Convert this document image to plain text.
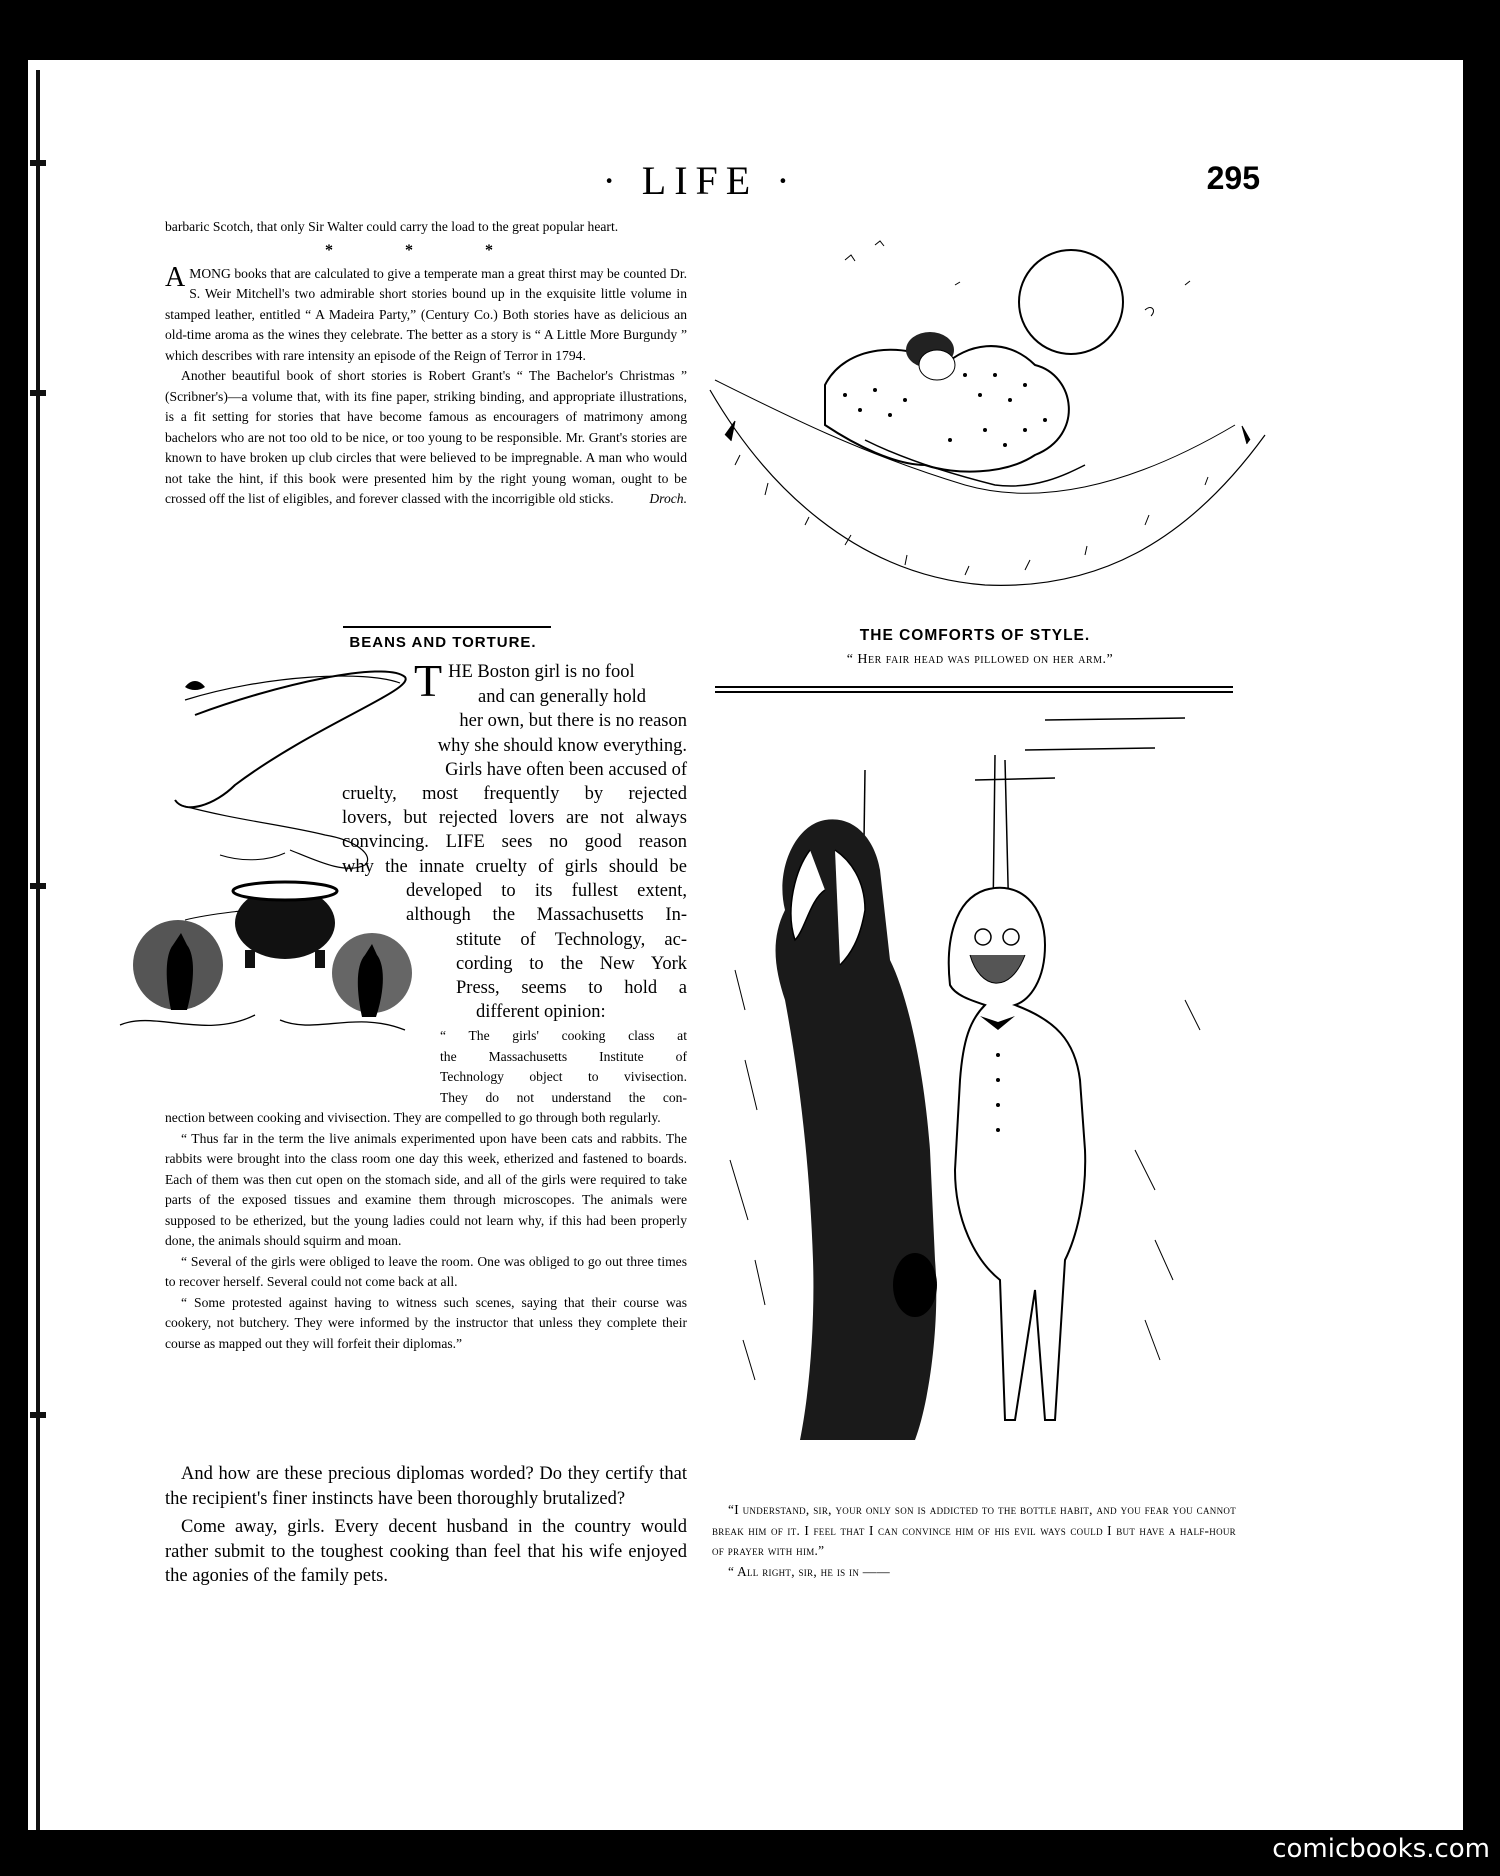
· LIFE ·	295

barbaric Scotch, that only Sir Walter could carry the load to the great popular heart.

* * *

AMONG books that are calculated to give a temperate man a great thirst may be counted Dr. S. Weir Mitchell's two admirable short stories bound up in the exquisite little volume in stamped leather, entitled “ A Madeira Party,” (Century Co.) Both stories have as delicious an old-time aroma as the wines they celebrate. The better as a story is “ A Little More Burgundy ” which describes with rare intensity an episode of the Reign of Terror in 1794.

Another beautiful book of short stories is Robert Grant's “ The Bachelor's Christmas ” (Scribner's)—a volume that, with its fine paper, striking binding, and appropriate illustrations, is a fit setting for stories that have become famous as encouragers of matrimony among bachelors who are not too old to be nice, or too young to be responsible. Mr. Grant's stories are known to have broken up club circles that were believed to be impregnable. A man who would not take the hint, if this book were presented him by the right young woman, ought to be crossed off the list of eligibles, and forever classed with the incorrigible old sticks.	Droch.

BEANS AND TORTURE.

THE Boston girl is no fool

and can generally hold

her own, but there is no reason
why she should know everything.
Girls have often been accused of
cruelty, most frequently by rejected
lovers, but rejected lovers are not always
convincing. LIFE sees no good reason
why the innate cruelty of girls should be
developed to its fullest extent,
although the Massachusetts In-
stitute of Technology, ac-
cording to the New York
Press, seems to hold a
different opinion:
“ The girls' cooking class at
the Massachusetts Institute of
Technology object to vivisection.
They do not understand the con-

nection between cooking and vivisection. They are compelled to go through both regularly.

“ Thus far in the term the live animals experimented upon have been cats and rabbits. The rabbits were brought into the class room one day this week, etherized and fastened to boards. Each of them was then cut open on the stomach side, and all of the girls were required to take parts of the exposed tissues and examine them through microscopes. The animals were supposed to be etherized, but the young ladies could not learn why, if this had been properly done, the animals should squirm and moan.

“ Several of the girls were obliged to leave the room. One was obliged to go out three times to recover herself. Several could not come back at all.

“ Some protested against having to witness such scenes, saying that their course was cookery, not butchery. They were informed by the instructor that unless they complete their course as mapped out they will forfeit their diplomas.”

And how are these precious diplomas worded? Do they certify that the recipient's finer instincts have been thoroughly brutalized?

Come away, girls. Every decent husband in the country would rather submit to the toughest cooking than feel that his wife enjoyed the agonies of the family pets.

THE COMFORTS OF STYLE.
“ Her fair head was pillowed on her arm.”

“I understand, sir, your only son is addicted to the bottle habit, and you fear you cannot break him of it. I feel that I can convince him of his evil ways could I but have a half-hour of prayer with him.”

“ All right, sir, he is in ——

comicbooks.com
